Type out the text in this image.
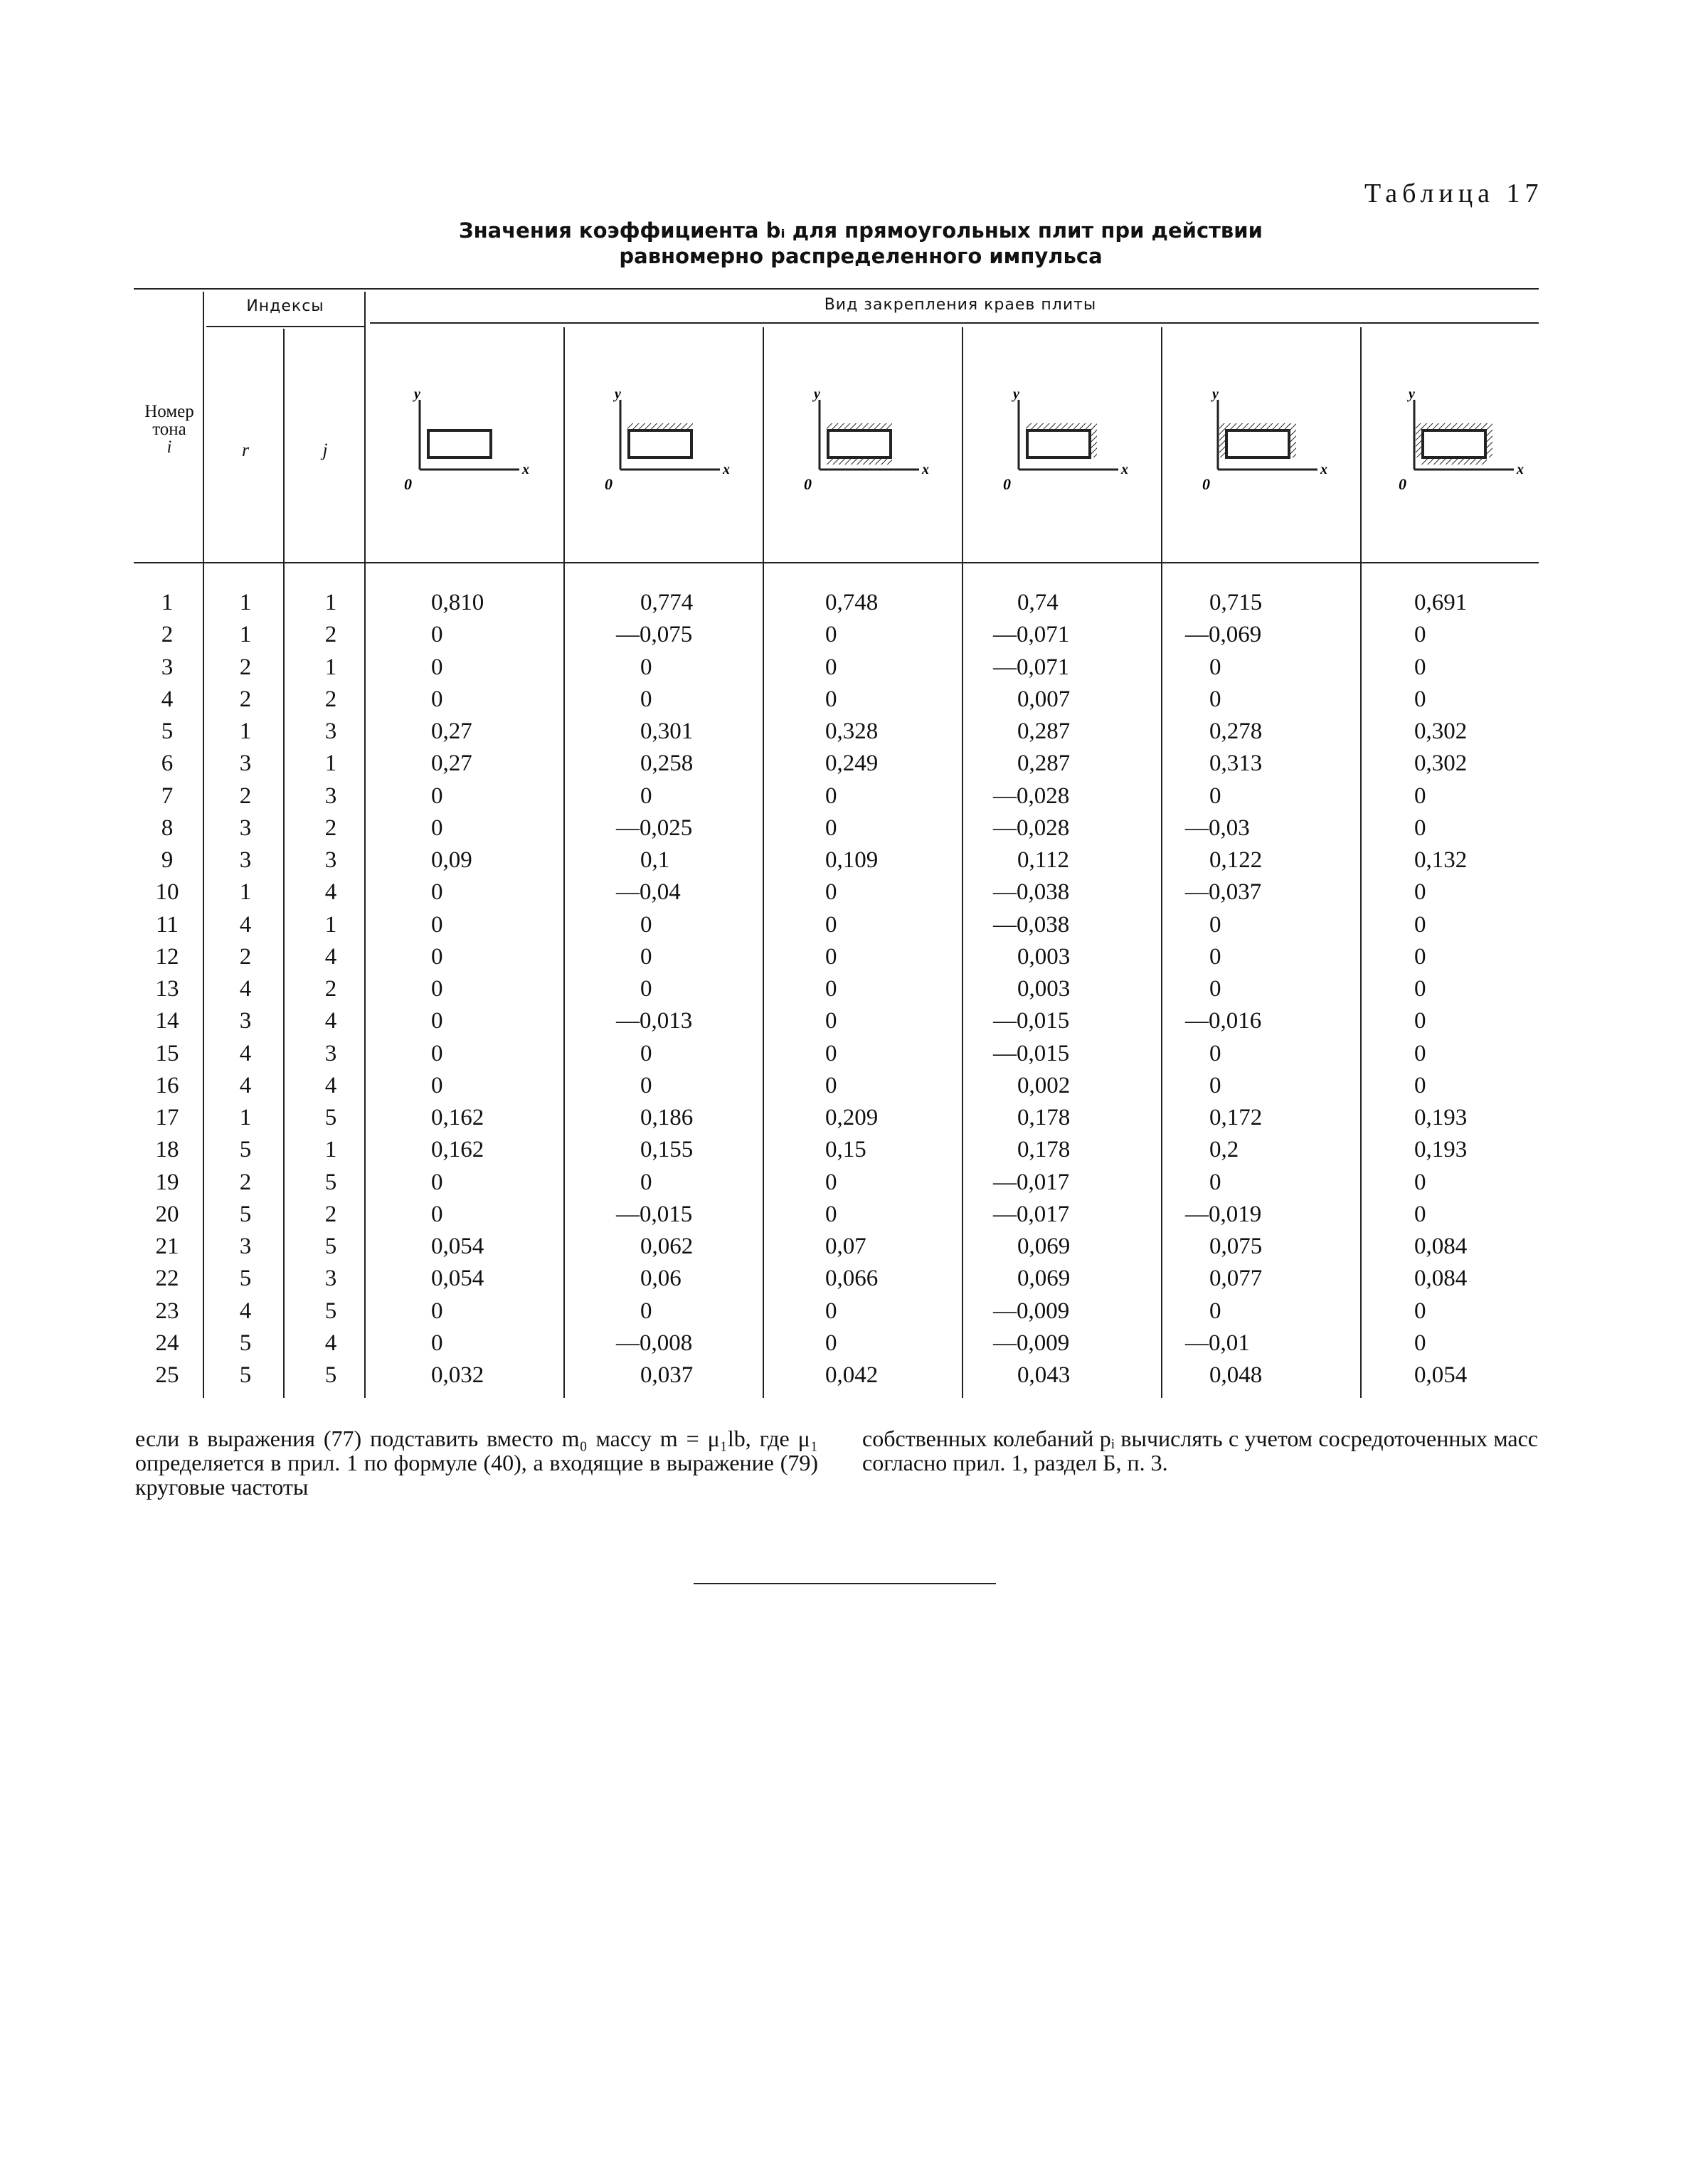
Таблица 17
Значения коэффициента bᵢ для прямоугольных плит при действии
равномерно распределенного импульса
Индексы	Вид закрепления краев плиты
Номер
тона
i	r	j
y
x
0
y
x
0
y
x
0
y
x
0
y
x
0
y
x
0
1	1	1	0,810	0,774	0,748	0,74	0,715	0,691
2	1	2	0	—0,075	0	—0,071	—0,069	0
3	2	1	0	0	0	—0,071	0	0
4	2	2	0	0	0	0,007	0	0
5	1	3	0,27	0,301	0,328	0,287	0,278	0,302
6	3	1	0,27	0,258	0,249	0,287	0,313	0,302
7	2	3	0	0	0	—0,028	0	0
8	3	2	0	—0,025	0	—0,028	—0,03	0
9	3	3	0,09	0,1	0,109	0,112	0,122	0,132
10	1	4	0	—0,04	0	—0,038	—0,037	0
11	4	1	0	0	0	—0,038	0	0
12	2	4	0	0	0	0,003	0	0
13	4	2	0	0	0	0,003	0	0
14	3	4	0	—0,013	0	—0,015	—0,016	0
15	4	3	0	0	0	—0,015	0	0
16	4	4	0	0	0	0,002	0	0
17	1	5	0,162	0,186	0,209	0,178	0,172	0,193
18	5	1	0,162	0,155	0,15	0,178	0,2	0,193
19	2	5	0	0	0	—0,017	0	0
20	5	2	0	—0,015	0	—0,017	—0,019	0
21	3	5	0,054	0,062	0,07	0,069	0,075	0,084
22	5	3	0,054	0,06	0,066	0,069	0,077	0,084
23	4	5	0	0	0	—0,009	0	0
24	5	4	0	—0,008	0	—0,009	—0,01	0
25	5	5	0,032	0,037	0,042	0,043	0,048	0,054
если в выражения (77) подставить вместо m₀ массу m = μ₁lb, где μ₁ определяется в прил. 1 по формуле (40), а входящие в выражение (79) круговые частоты
собственных колебаний pᵢ вычислять с учетом сосредоточенных масс согласно прил. 1, раздел Б, п. 3.
